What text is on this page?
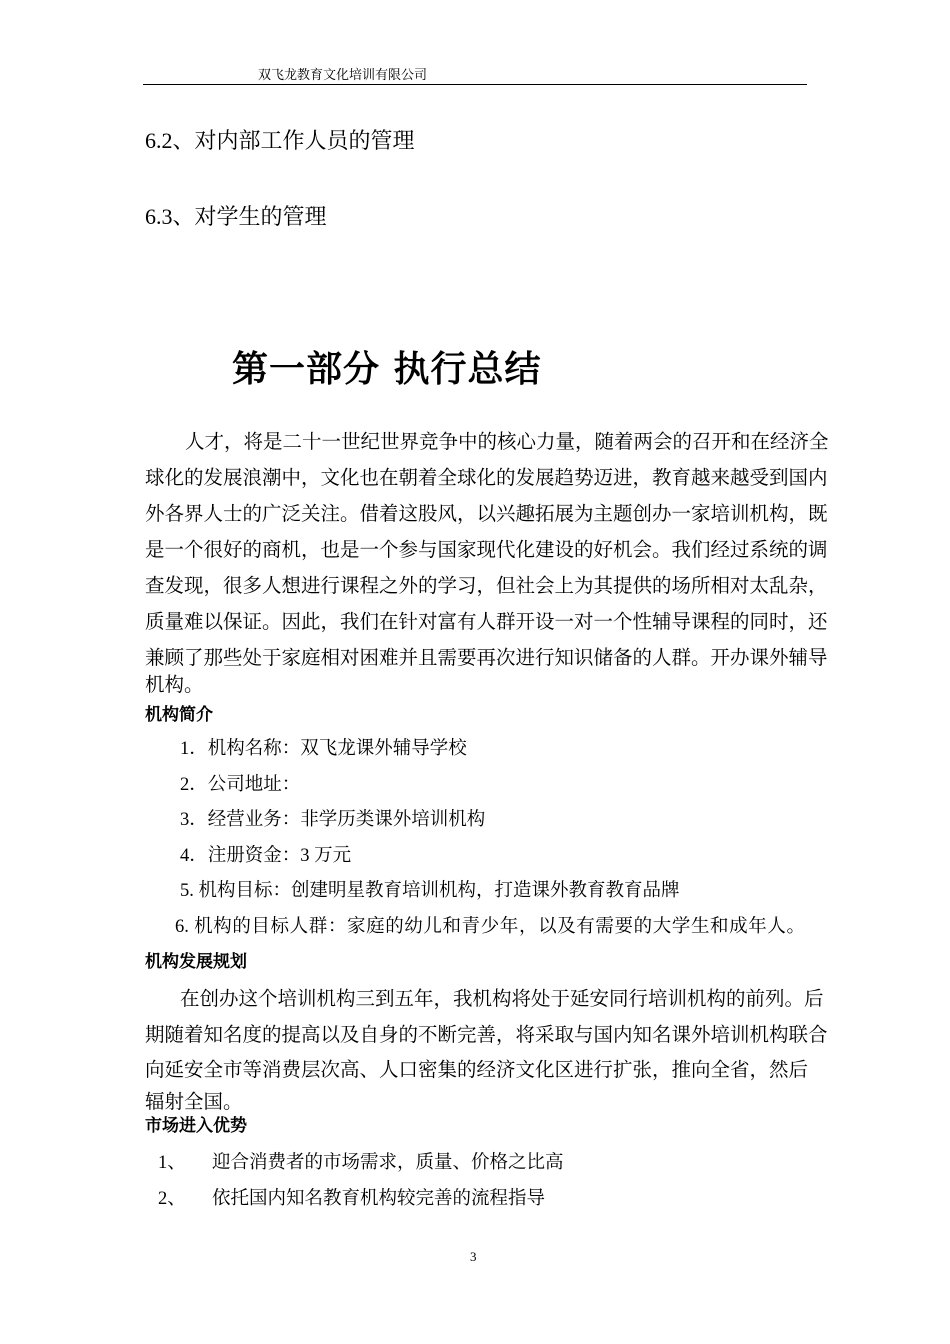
双飞龙教育文化培训有限公司
6.2、对内部工作人员的管理
6.3、对学生的管理
第一部分 执行总结
人才，将是二十一世纪世界竞争中的核心力量，随着两会的召开和在经济全
球化的发展浪潮中，文化也在朝着全球化的发展趋势迈进，教育越来越受到国内
外各界人士的广泛关注。借着这股风，以兴趣拓展为主题创办一家培训机构，既
是一个很好的商机，也是一个参与国家现代化建设的好机会。我们经过系统的调
查发现，很多人想进行课程之外的学习，但社会上为其提供的场所相对太乱杂，
质量难以保证。因此，我们在针对富有人群开设一对一个性辅导课程的同时，还
兼顾了那些处于家庭相对困难并且需要再次进行知识储备的人群。开办课外辅导
机构。
机构简介
1．机构名称：双飞龙课外辅导学校
2．公司地址：
3．经营业务：非学历类课外培训机构
4．注册资金：3 万元
5. 机构目标：创建明星教育培训机构，打造课外教育教育品牌
6. 机构的目标人群：家庭的幼儿和青少年，以及有需要的大学生和成年人。
机构发展规划
在创办这个培训机构三到五年，我机构将处于延安同行培训机构的前列。后
期随着知名度的提高以及自身的不断完善，将采取与国内知名课外培训机构联合
向延安全市等消费层次高、人口密集的经济文化区进行扩张，推向全省，然后
辐射全国。
市场进入优势
1、 迎合消费者的市场需求，质量、价格之比高
2、 依托国内知名教育机构较完善的流程指导
3
